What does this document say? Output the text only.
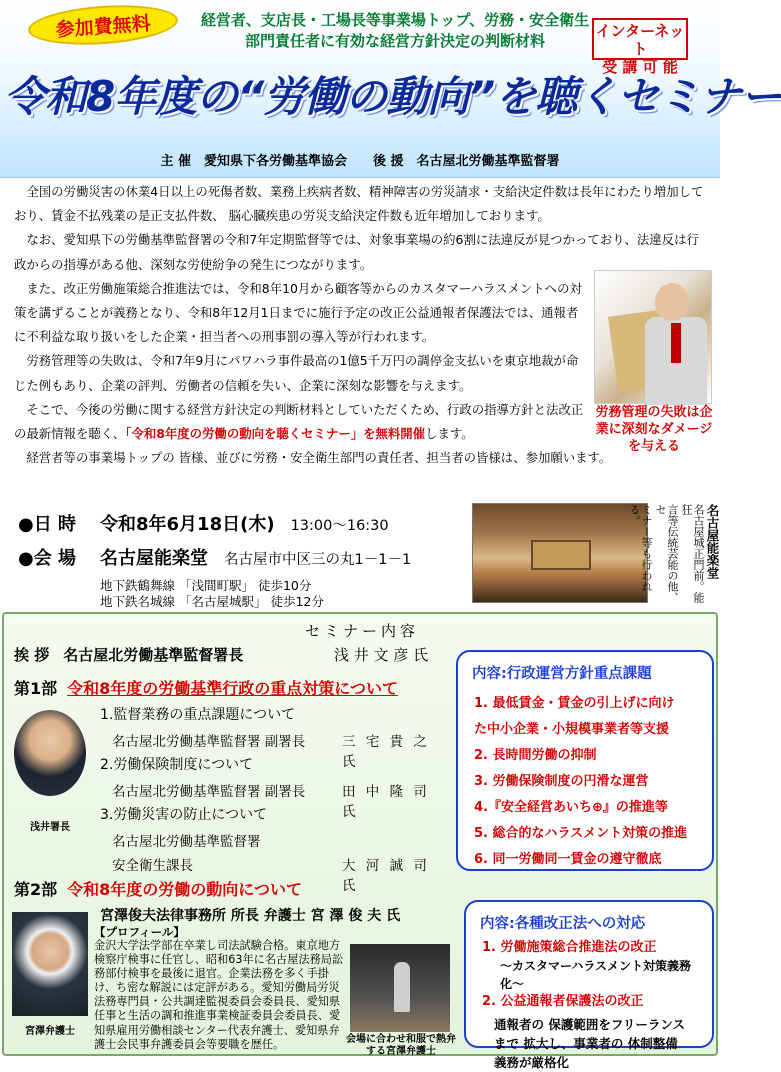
参加費無料	経営者、支店長・工場長等事業場トップ、労務・安全衛生
部門責任者に有効な経営方針決定の判断材料
インターネット
受 講 可 能
令和8年度の“労働の動向”を聴くセミナー
主 催　愛知県下各労働基準協会　　後 援　名古屋北労働基準監督署

全国の労働災害の休業4日以上の死傷者数、業務上疾病者数、精神障害の労災請求・支給決定件数は長年にわたり増加しており、賃金不払残業の是正支払件数、 脳心臓疾患の労災支給決定件数も近年増加しております。

なお、愛知県下の労働基準監督署の令和7年定期監督等では、対象事業場の約6割に法違反が見つかっており、法違反は行政からの指導がある他、深刻な労使紛争の発生につながります。

また、改正労働施策総合推進法では、令和8年10月から顧客等からのカスタマーハラスメントへの対策を講ずることが義務となり、令和8年12月1日までに施行予定の改正公益通報者保護法では、通報者に不利益な取り扱いをした企業・担当者への刑事罰の導入等が行われます。

労務管理等の失敗は、令和7年9月にパワハラ事件最高の1億5千万円の調停金支払いを東京地裁が命じた例もあり、企業の評判、労働者の信頼を失い、企業に深刻な影響を与えます。

そこで、今後の労働に関する経営方針決定の判断材料としていただくため、行政の指導方針と法改正の最新情報を聴く、「令和8年度の労働の動向を聴くセミナー」を無料開催します。

経営者等の事業場トップの 皆様、並びに労務・安全衛生部門の責任者、担当者の皆様は、参加願います。

労務管理の失敗は企業に深刻なダメージを与える
●日 時	令和8年6月18日(木) 13:00〜16:30
●会 場	名古屋能楽堂 名古屋市中区三の丸1－1－1
地下鉄鶴舞線 「浅間町駅」 徒歩10分
地下鉄名城線 「名古屋城駅」 徒歩12分
名古屋能楽堂
名古屋城正門前。能狂
言等伝統芸能の他、セ
ミナー等も行われる。
セミナー内容
挨 拶 名古屋北労働基準監督署長	浅 井 文 彦 氏
第1部 令和8年度の労働基準行政の重点対策について
1.監督業務の重点課題について
名古屋北労働基準監督署 副署長	三 宅 貴 之 氏
2.労働保険制度について
名古屋北労働基準監督署 副署長	田 中 隆 司 氏
3.労働災害の防止について
名古屋北労働基準監督署
安全衛生課長	大 河 誠 司 氏
浅井署長
内容:行政運営方針重点課題
1. 最低賃金・賃金の引上げに向け
た中小企業・小規模事業者等支援
2. 長時間労働の抑制
3. 労働保険制度の円滑な運営
4.『安全経営あいち⊕』の推進等
5. 総合的なハラスメント対策の推進
6. 同一労働同一賃金の遵守徹底
第2部 令和8年度の労働の動向について
宮澤俊夫法律事務所 所長 弁護士 宮 澤 俊 夫 氏
【プロフィール】
金沢大学法学部在卒業し司法試験合格。東京地方検察庁検事に任官し、昭和63年に名古屋法務局訟務部付検事を最後に退官。企業法務を多く手掛け、ち密な解説には定評がある。愛知労働局労災法務専門員・公共調達監視委員会委員長、愛知県任事と生活の調和推進事業検証委員会委員長、愛知県雇用労働相談センター代表弁護士、愛知県弁護士会民事弁護委員会等要職を歴任。
宮澤弁護士
会場に合わせ和服で熱弁する宮澤弁護士
内容:各種改正法への対応
1. 労働施策総合推進法の改正
〜カスタマーハラスメント対策義務化〜
2. 公益通報者保護法の改正
通報者の 保護範囲をフリーランス
まで 拡大し、事業者の 体制整備
義務が厳格化
